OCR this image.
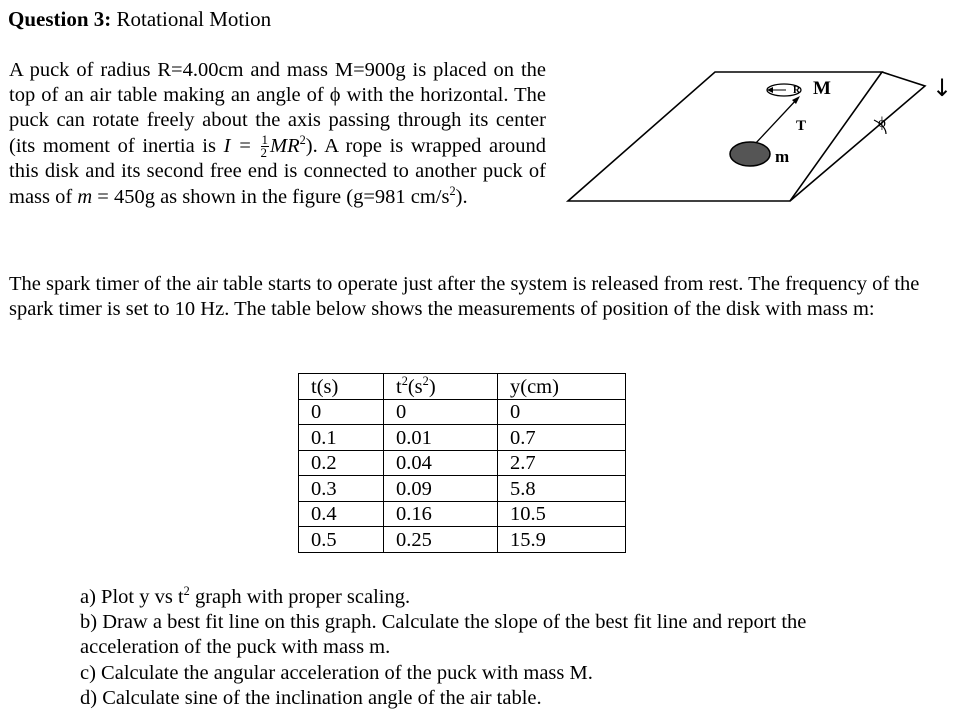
Question 3: Rotational Motion
A puck of radius R=4.00cm and mass M=900g is placed on the top of an air table making an angle of ϕ with the horizontal. The puck can rotate freely about the axis passing through its center (its moment of inertia is $I = \frac{1}{2} MR^2$). A rope is wrapped around this disk and its second free end is connected to another puck of mass of m = 450g as shown in the figure (g=981 $cm/s^2$).
R M
T
m
ϕ
↓
The spark timer of the air table starts to operate just after the system is released from rest. The frequency of the spark timer is set to 10 Hz. The table below shows the measurements of position of the disk with mass m:
t(s)	$t^2(s^2)$	y(cm)
0	0	0
0.1	0.01	0.7
0.2	0.04	2.7
0.3	0.09	5.8
0.4	0.16	10.5
0.5	0.25	15.9
a) Plot y vs $t^2$ graph with proper scaling.
b) Draw a best fit line on this graph. Calculate the slope of the best fit line and report the acceleration of the puck with mass m.
c) Calculate the angular acceleration of the puck with mass M.
d) Calculate sine of the inclination angle of the air table.
